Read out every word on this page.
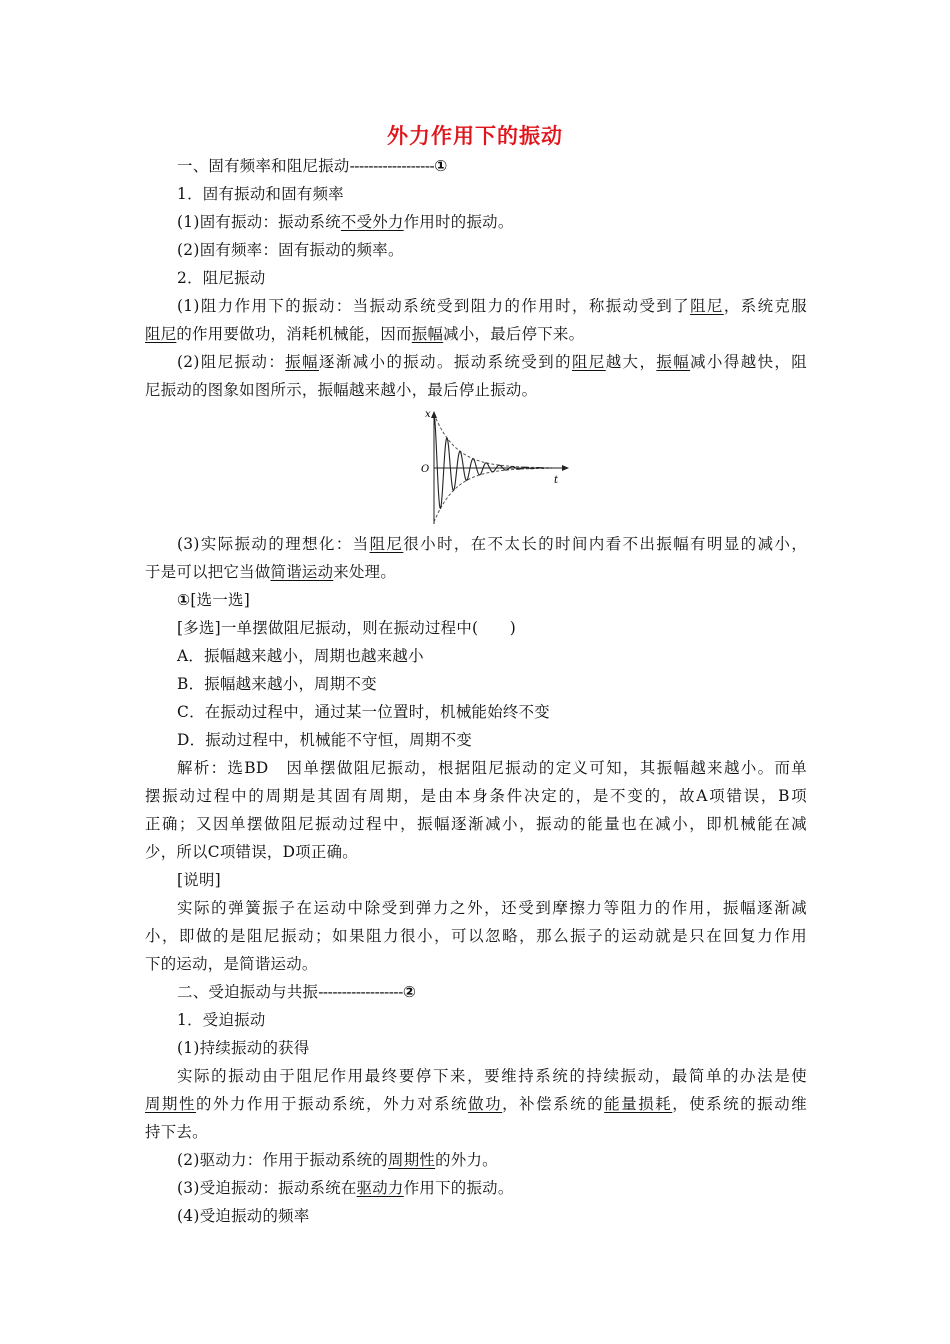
外力作用下的振动
一、固有频率和阻尼振动------------------①
1．固有振动和固有频率
(1)固有振动：振动系统不受外力作用时的振动。
(2)固有频率：固有振动的频率。
2．阻尼振动
(1)阻力作用下的振动：当振动系统受到阻力的作用时，称振动受到了阻尼，系统克服
阻尼的作用要做功，消耗机械能，因而振幅减小，最后停下来。
(2)阻尼振动：振幅逐渐减小的振动。振动系统受到的阻尼越大，振幅减小得越快，阻
尼振动的图象如图所示，振幅越来越小，最后停止振动。
x
t
O
(3)实际振动的理想化：当阻尼很小时，在不太长的时间内看不出振幅有明显的减小，
于是可以把它当做简谐运动来处理。
①[选一选]
[多选]一单摆做阻尼振动，则在振动过程中(　　)
A．振幅越来越小，周期也越来越小
B．振幅越来越小，周期不变
C．在振动过程中，通过某一位置时，机械能始终不变
D．振动过程中，机械能不守恒，周期不变
解析：选BD　因单摆做阻尼振动，根据阻尼振动的定义可知，其振幅越来越小。而单
摆振动过程中的周期是其固有周期，是由本身条件决定的，是不变的，故A项错误，B项
正确；又因单摆做阻尼振动过程中，振幅逐渐减小，振动的能量也在减小，即机械能在减
少，所以C项错误，D项正确。
[说明]
实际的弹簧振子在运动中除受到弹力之外，还受到摩擦力等阻力的作用，振幅逐渐减
小，即做的是阻尼振动；如果阻力很小，可以忽略，那么振子的运动就是只在回复力作用
下的运动，是简谐运动。
二、受迫振动与共振------------------②
1．受迫振动
(1)持续振动的获得
实际的振动由于阻尼作用最终要停下来，要维持系统的持续振动，最简单的办法是使
周期性的外力作用于振动系统，外力对系统做功，补偿系统的能量损耗，使系统的振动维
持下去。
(2)驱动力：作用于振动系统的周期性的外力。
(3)受迫振动：振动系统在驱动力作用下的振动。
(4)受迫振动的频率
